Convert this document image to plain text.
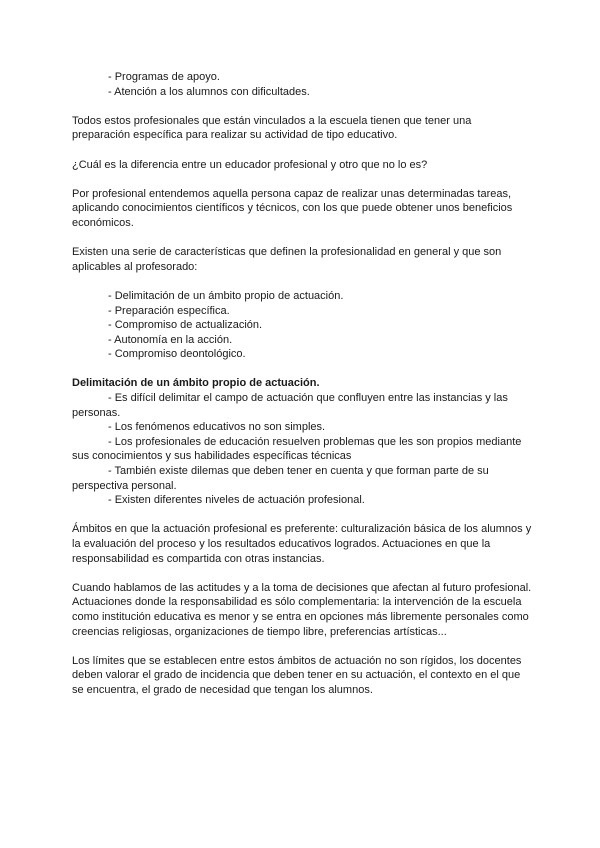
- Programas de apoyo.
- Atención a los alumnos con dificultades.

Todos estos profesionales que están vinculados a la escuela tienen que tener una preparación específica para realizar su actividad de tipo educativo.

¿Cuál es la diferencia entre un educador profesional y otro que no lo es?

Por profesional entendemos aquella persona capaz de realizar unas determinadas tareas, aplicando conocimientos científicos y técnicos, con los que puede obtener unos beneficios económicos.

Existen una serie de características que definen la profesionalidad en general y que son aplicables al profesorado:

- Delimitación de un ámbito propio de actuación.
- Preparación específica.
- Compromiso de actualización.
- Autonomía en la acción.
- Compromiso deontológico.

Delimitación de un ámbito propio de actuación.

- Es difícil delimitar el campo de actuación que confluyen entre las instancias y las personas.

- Los fenómenos educativos no son simples.

- Los profesionales de educación resuelven problemas que les son propios mediante sus conocimientos y sus habilidades específicas técnicas

- También existe dilemas que deben tener en cuenta y que forman parte de su perspectiva personal.

- Existen diferentes niveles de actuación profesional.

Ámbitos en que la actuación profesional es preferente: culturalización básica de los alumnos y la evaluación del proceso y los resultados educativos logrados. Actuaciones en que la responsabilidad es compartida con otras instancias.

Cuando hablamos de las actitudes y a la toma de decisiones que afectan al futuro profesional. Actuaciones donde la responsabilidad es sólo complementaria: la intervención de la escuela como institución educativa es menor y se entra en opciones más libremente personales como creencias religiosas, organizaciones de tiempo libre, preferencias artísticas...

Los límites que se establecen entre estos ámbitos de actuación no son rígidos, los docentes deben valorar el grado de incidencia que deben tener en su actuación, el contexto en el que se encuentra, el grado de necesidad que tengan los alumnos.
